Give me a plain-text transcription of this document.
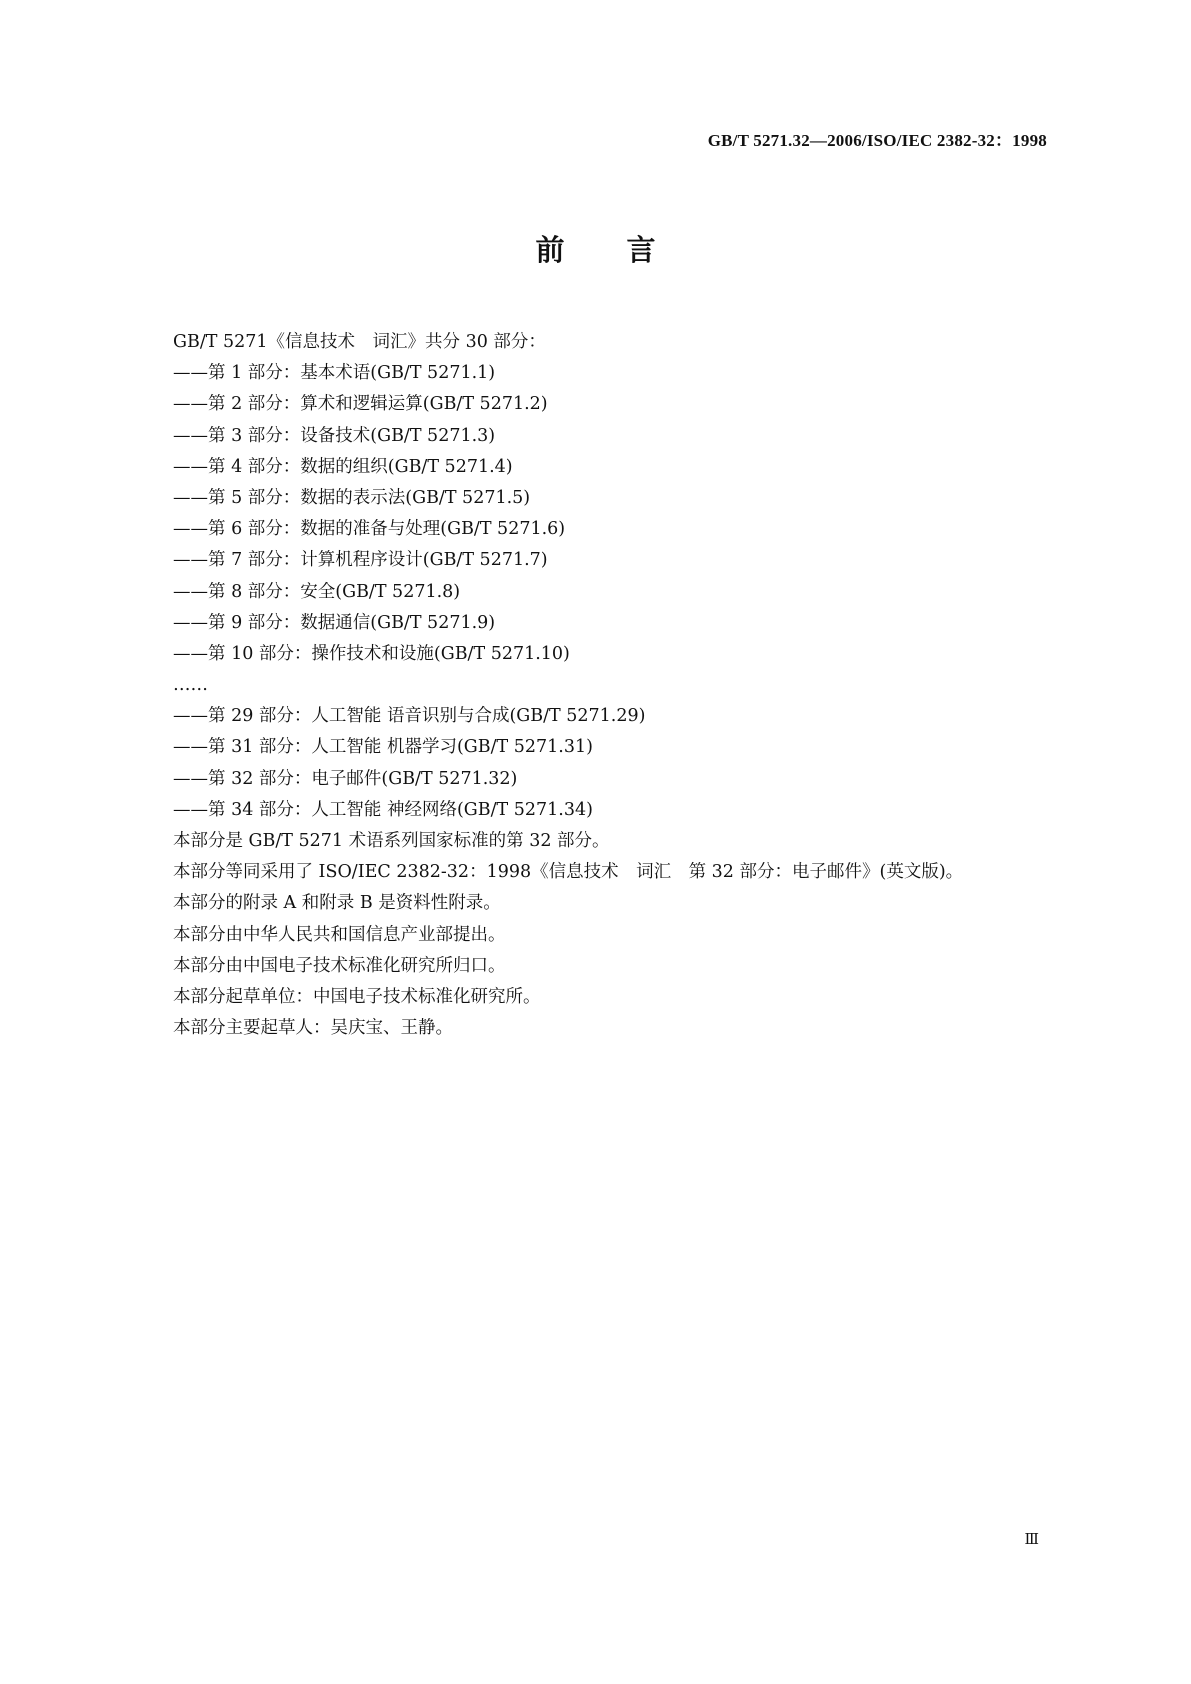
GB/T 5271.32—2006/ISO/IEC 2382-32：1998
前言
GB/T 5271《信息技术　词汇》共分 30 部分：
——第 1 部分：基本术语(GB/T 5271.1)
——第 2 部分：算术和逻辑运算(GB/T 5271.2)
——第 3 部分：设备技术(GB/T 5271.3)
——第 4 部分：数据的组织(GB/T 5271.4)
——第 5 部分：数据的表示法(GB/T 5271.5)
——第 6 部分：数据的准备与处理(GB/T 5271.6)
——第 7 部分：计算机程序设计(GB/T 5271.7)
——第 8 部分：安全(GB/T 5271.8)
——第 9 部分：数据通信(GB/T 5271.9)
——第 10 部分：操作技术和设施(GB/T 5271.10)
……
——第 29 部分：人工智能 语音识别与合成(GB/T 5271.29)
——第 31 部分：人工智能 机器学习(GB/T 5271.31)
——第 32 部分：电子邮件(GB/T 5271.32)
——第 34 部分：人工智能 神经网络(GB/T 5271.34)
本部分是 GB/T 5271 术语系列国家标准的第 32 部分。
本部分等同采用了 ISO/IEC 2382-32：1998《信息技术　词汇　第 32 部分：电子邮件》(英文版)。
本部分的附录 A 和附录 B 是资料性附录。
本部分由中华人民共和国信息产业部提出。
本部分由中国电子技术标准化研究所归口。
本部分起草单位：中国电子技术标准化研究所。
本部分主要起草人：吴庆宝、王静。
Ⅲ
